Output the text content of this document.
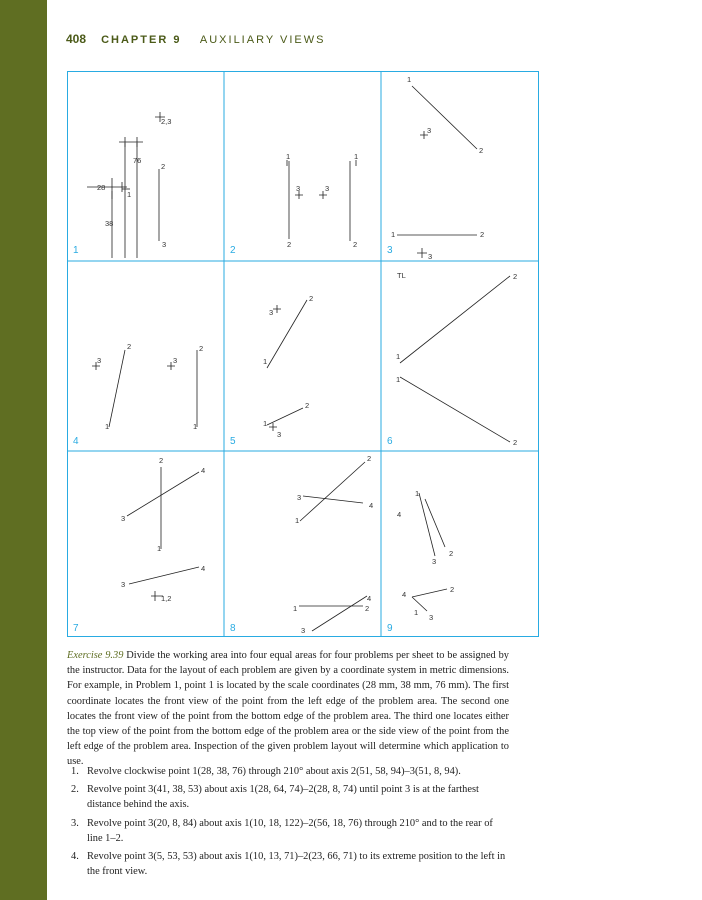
408 CHAPTER 9 AUXILIARY VIEWS
1	2	3
4	5	6
7	8	9
2,3
76
2
28
1
38
3
1	1
3	3
2	2
1
3
2
1	2
3
3
2
3
2
1	1
3
2
1
2
1
3
TL	2
1
1
2
2
4
3
1
4
3
1,2
2
3
4
1
4
2
1
3
1
4
2
3
4
2
1
3
Exercise 9.39 Divide the working area into four equal areas for four problems per sheet to be assigned by the instructor. Data for the layout of each problem are given by a coordinate system in metric dimensions. For example, in Problem 1, point 1 is located by the scale coordinates (28 mm, 38 mm, 76 mm). The first coordinate locates the front view of the point from the left edge of the problem area. The second one locates the front view of the point from the bottom edge of the problem area. The third one locates either the top view of the point from the bottom edge of the problem area or the side view of the point from the left edge of the problem area. Inspection of the given problem layout will determine which application to use.
1. Revolve clockwise point 1(28, 38, 76) through 210° about axis 2(51, 58, 94)–3(51, 8, 94).
2. Revolve point 3(41, 38, 53) about axis 1(28, 64, 74)–2(28, 8, 74) until point 3 is at the farthest distance behind the axis.
3. Revolve point 3(20, 8, 84) about axis 1(10, 18, 122)–2(56, 18, 76) through 210° and to the rear of line 1–2.
4. Revolve point 3(5, 53, 53) about axis 1(10, 13, 71)–2(23, 66, 71) to its extreme position to the left in the front view.
